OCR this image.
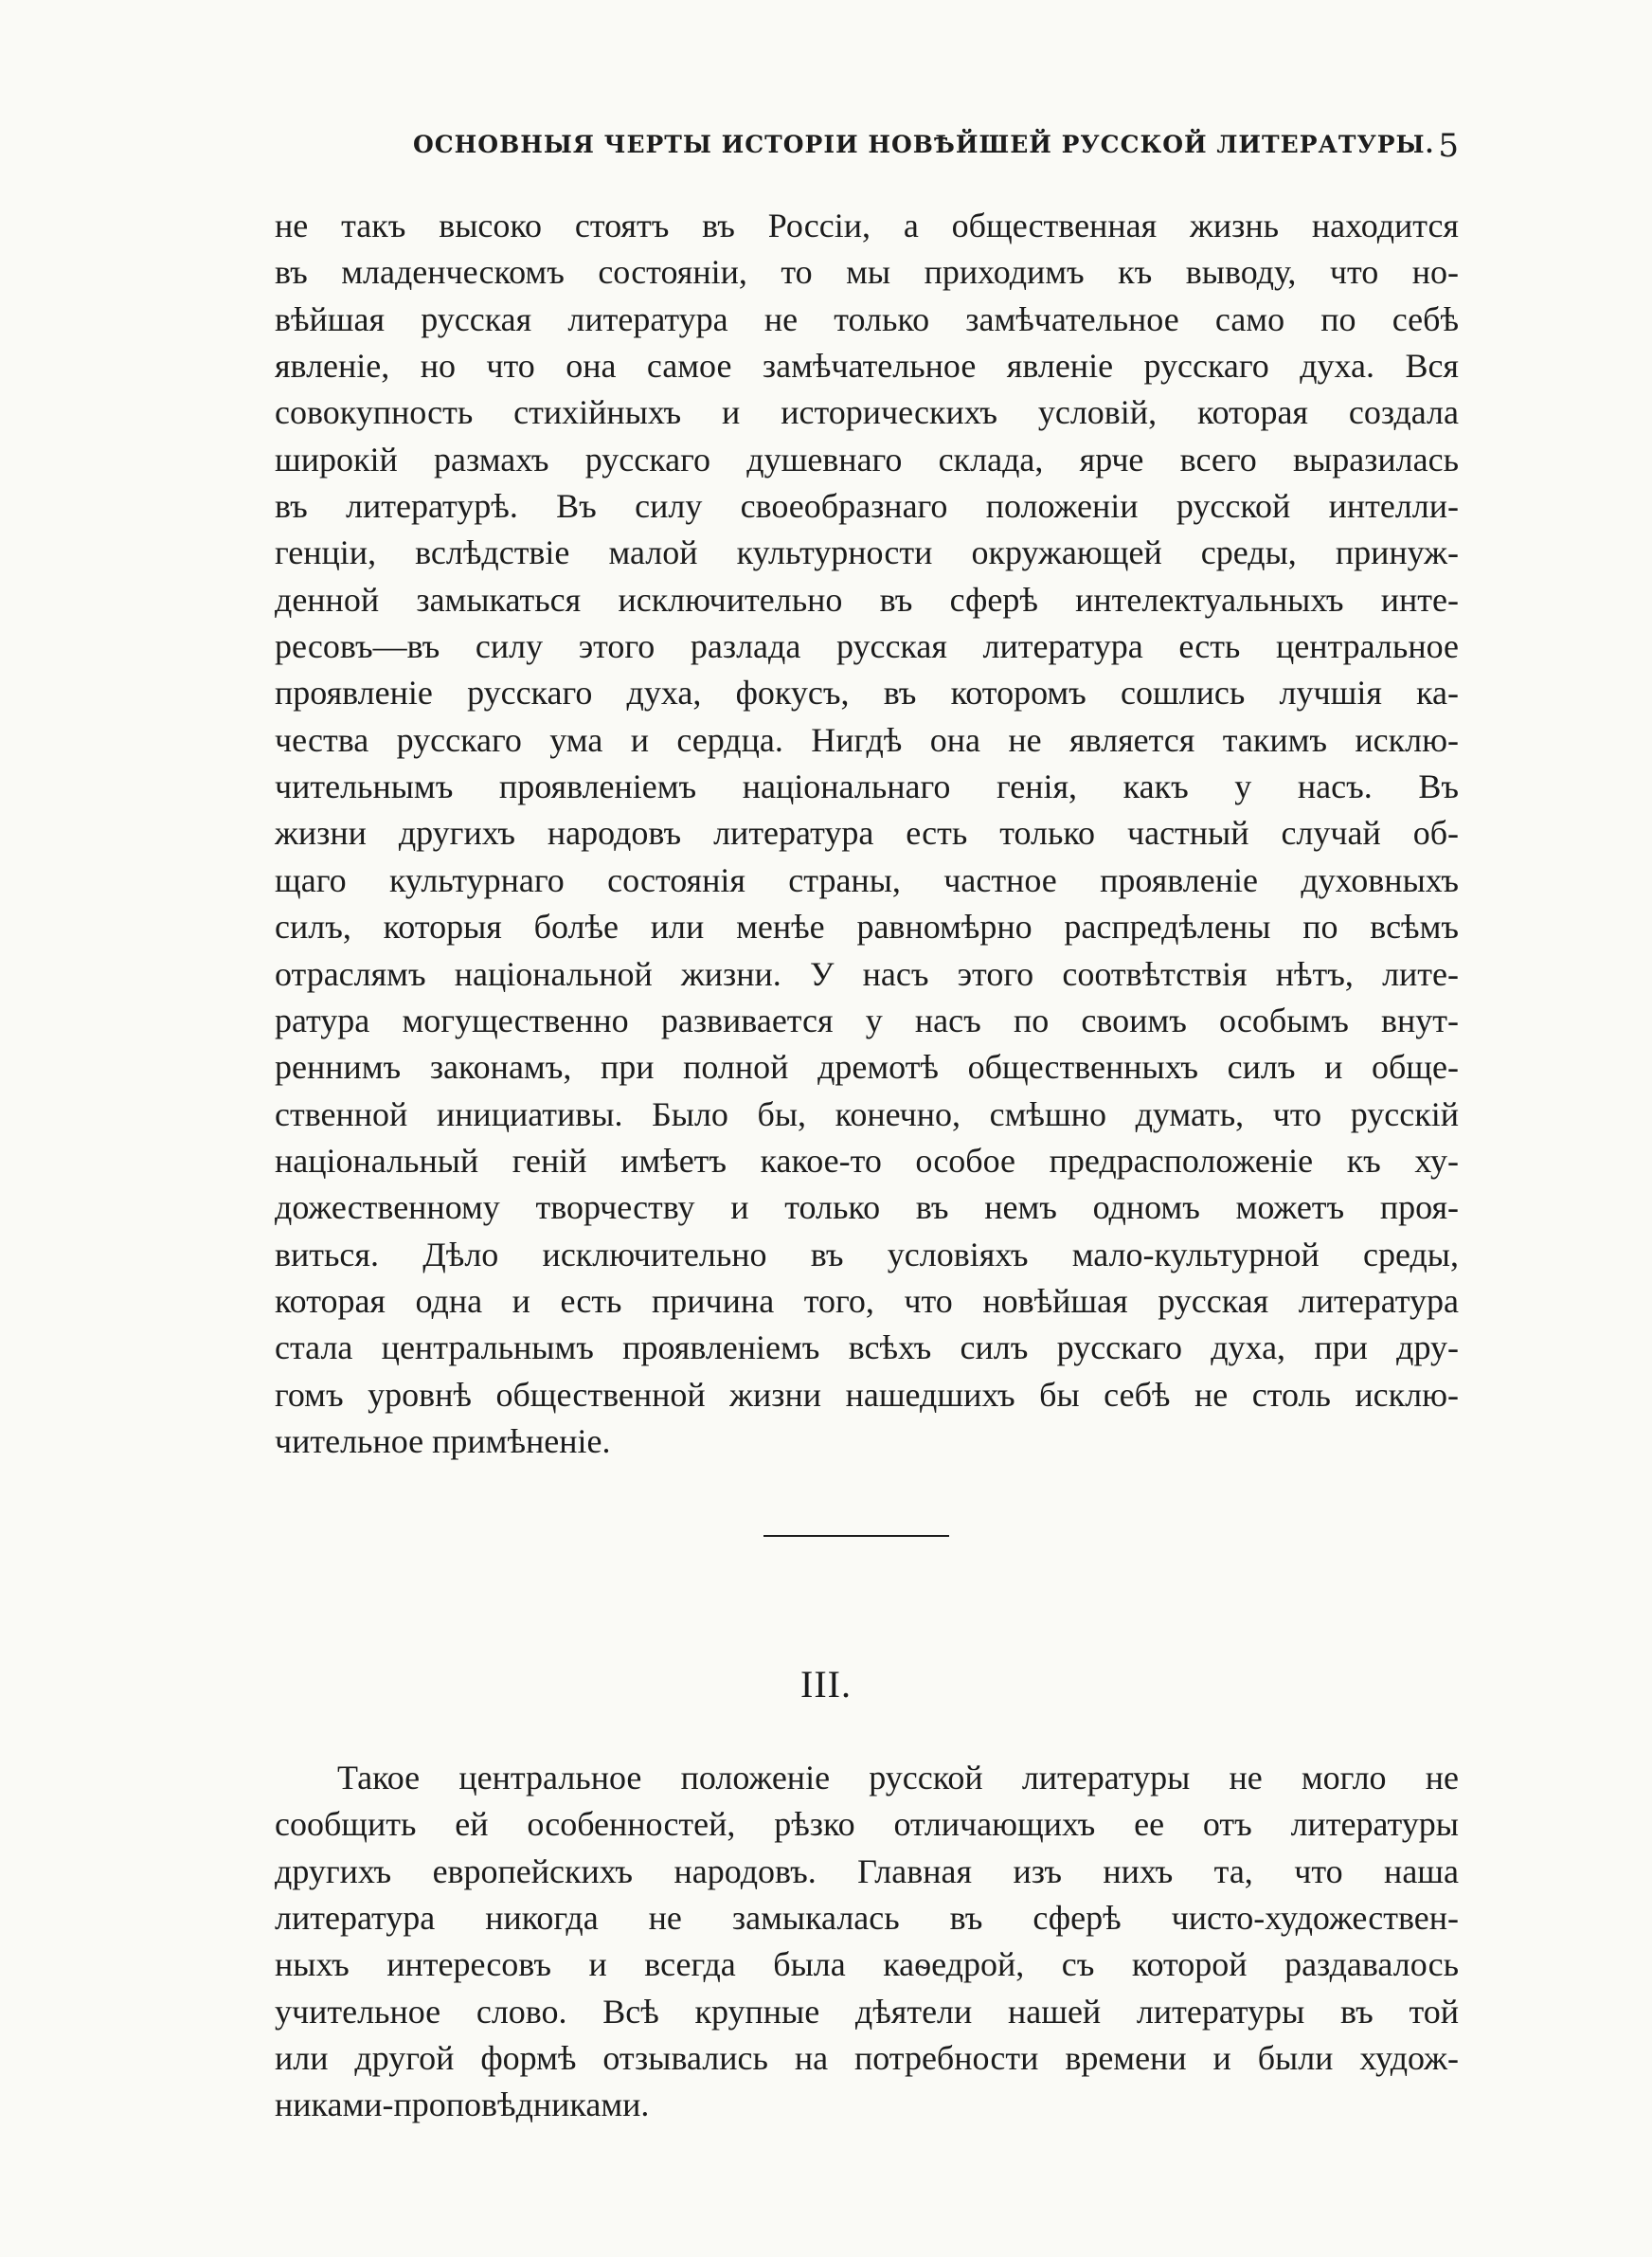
ОСНОВНЫЯ ЧЕРТЫ ИСТОРІИ НОВѢЙШЕЙ РУССКОЙ ЛИТЕРАТУРЫ. 5
не такъ высоко стоятъ въ Россіи, а общественная жизнь находится
въ младенческомъ состояніи, то мы приходимъ къ выводу, что но-
вѣйшая русская литература не только замѣчательное само по себѣ
явленіе, но что она самое замѣчательное явленіе русскаго духа. Вся
совокупность стихійныхъ и историческихъ условій, которая создала
широкій размахъ русскаго душевнаго склада, ярче всего выразилась
въ литературѣ. Въ силу своеобразнаго положеніи русской интелли-
генціи, вслѣдствіе малой культурности окружающей среды, принуж-
денной замыкаться исключительно въ сферѣ интелектуальныхъ инте-
ресовъ—въ силу этого разлада русская литература есть центральное
проявленіе русскаго духа, фокусъ, въ которомъ сошлись лучшія ка-
чества русскаго ума и сердца. Нигдѣ она не является такимъ исклю-
чительнымъ проявленіемъ національнаго генія, какъ у насъ. Въ
жизни другихъ народовъ литература есть только частный случай об-
щаго культурнаго состоянія страны, частное проявленіе духовныхъ
силъ, которыя болѣе или менѣе равномѣрно распредѣлены по всѣмъ
отраслямъ національной жизни. У насъ этого соотвѣтствія нѣтъ, лите-
ратура могущественно развивается у насъ по своимъ особымъ внут-
реннимъ законамъ, при полной дремотѣ общественныхъ силъ и обще-
ственной инициативы. Было бы, конечно, смѣшно думать, что русскій
національный геній имѣетъ какое-то особое предрасположеніе къ ху-
дожественному творчеству и только въ немъ одномъ можетъ проя-
виться. Дѣло исключительно въ условіяхъ мало-культурной среды,
которая одна и есть причина того, что новѣйшая русская литература
стала центральнымъ проявленіемъ всѣхъ силъ русскаго духа, при дру-
гомъ уровнѣ общественной жизни нашедшихъ бы себѣ не столь исклю-
чительное примѣненіе.
III.
Такое центральное положеніе русской литературы не могло не
сообщить ей особенностей, рѣзко отличающихъ ее отъ литературы
другихъ европейскихъ народовъ. Главная изъ нихъ та, что наша
литература никогда не замыкалась въ сферѣ чисто-художествен-
ныхъ интересовъ и всегда была каѳедрой, съ которой раздавалось
учительное слово. Всѣ крупные дѣятели нашей литературы въ той
или другой формѣ отзывались на потребности времени и были худож-
никами-проповѣдниками.
